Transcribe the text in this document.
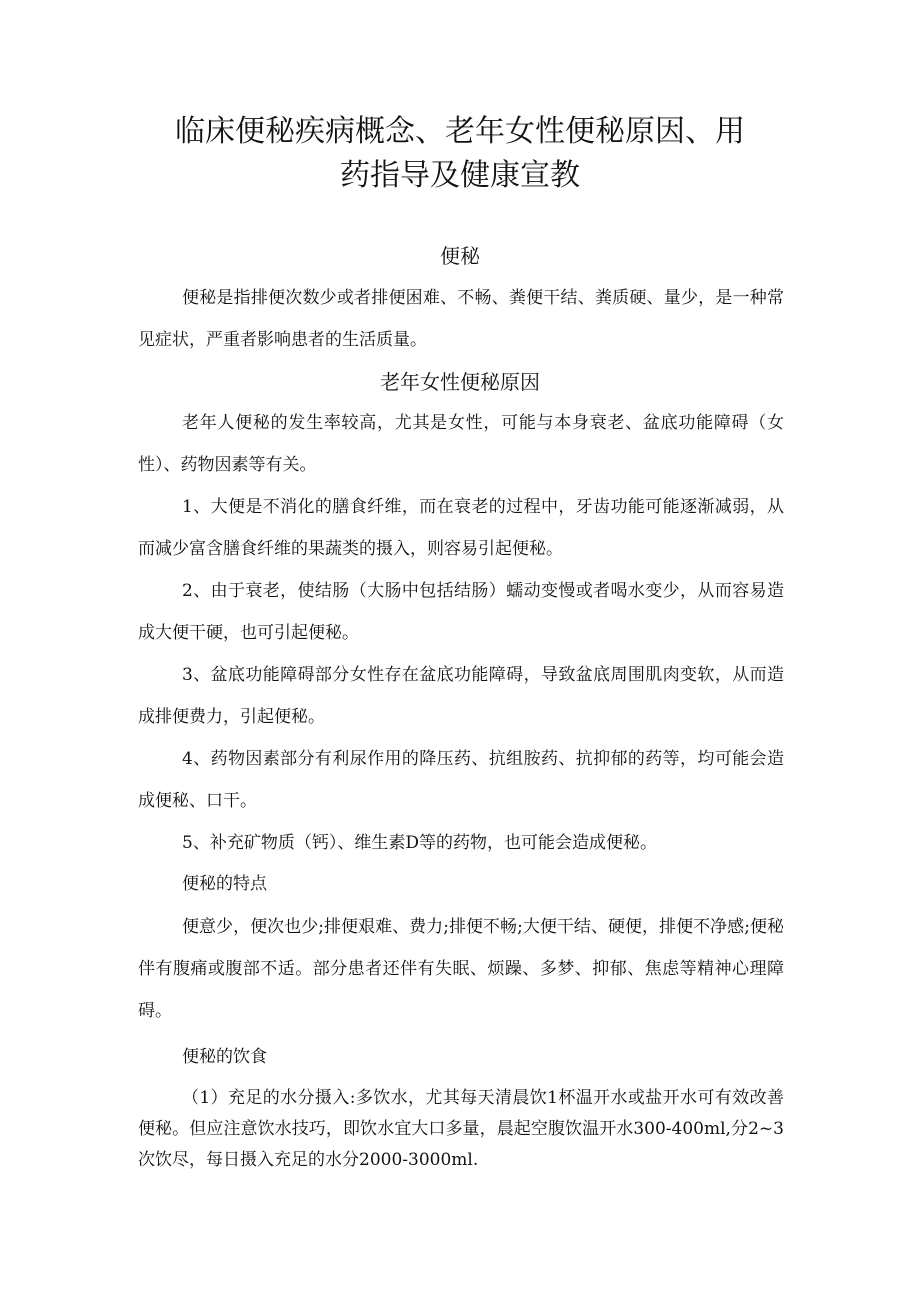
临床便秘疾病概念、老年女性便秘原因、用
药指导及健康宣教
便秘

便秘是指排便次数少或者排便困难、不畅、粪便干结、粪质硬、量少，是一种常见症状，严重者影响患者的生活质量。

老年女性便秘原因

老年人便秘的发生率较高，尤其是女性，可能与本身衰老、盆底功能障碍（女性）、药物因素等有关。

1、大便是不消化的膳食纤维，而在衰老的过程中，牙齿功能可能逐渐减弱，从而减少富含膳食纤维的果蔬类的摄入，则容易引起便秘。

2、由于衰老，使结肠（大肠中包括结肠）蠕动变慢或者喝水变少，从而容易造成大便干硬，也可引起便秘。

3、盆底功能障碍部分女性存在盆底功能障碍，导致盆底周围肌肉变软，从而造成排便费力，引起便秘。

4、药物因素部分有利尿作用的降压药、抗组胺药、抗抑郁的药等，均可能会造成便秘、口干。

5、补充矿物质（钙）、维生素D等的药物，也可能会造成便秘。

便秘的特点

便意少，便次也少;排便艰难、费力;排便不畅;大便干结、硬便，排便不净感;便秘伴有腹痛或腹部不适。部分患者还伴有失眠、烦躁、多梦、抑郁、焦虑等精神心理障碍。

便秘的饮食

（1）充足的水分摄入:多饮水，尤其每天清晨饮1杯温开水或盐开水可有效改善便秘。但应注意饮水技巧，即饮水宜大口多量，晨起空腹饮温开水300-400ml,分2~3次饮尽，每日摄入充足的水分2000-3000ml.
